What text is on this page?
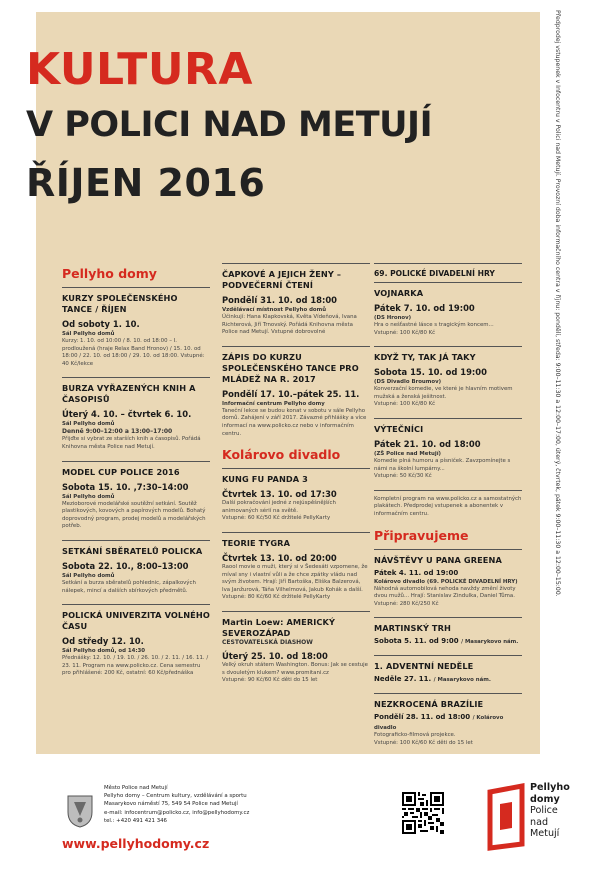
KULTURA
V POLICI NAD METUJÍ
ŘÍJEN 2016
Pellyho domy
KURZY SPOLEČENSKÉHO TANCE / ŘÍJEN
Od soboty 1. 10.
Sál Pellyho domů
Kurzy: 1. 10. od 10:00 / 8. 10. od 18:00 – I. prodloužená (hraje Relax Band Hronov) / 15. 10. od 18:00 / 22. 10. od 18:00 / 29. 10. od 18:00. Vstupné: 40 Kč/lekce
BURZA VYŘAZENÝCH KNIH A ČASOPISŮ
Úterý 4. 10. – čtvrtek 6. 10.
Sál Pellyho domů
Denně 9:00–12:00 a 13:00–17:00
Přijďte si vybrat ze starších knih a časopisů. Pořádá Knihovna města Police nad Metují.
MODEL CUP POLICE 2016
Sobota 15. 10. ,7:30–14:00
Sál Pellyho domů
Mezioborové modelářské soutěžní setkání. Soutěž plastikových, kovových a papírových modelů. Bohatý doprovodný program, prodej modelů a modelářských potřeb.
SETKÁNÍ SBĚRATELŮ POLICKA
Sobota 22. 10., 8:00–13:00
Sál Pellyho domů
Setkání a burza sběratelů pohlednic, zápalkových nálepek, mincí a dalších sbírkových předmětů.
POLICKÁ UNIVERZITA VOLNÉHO ČASU
Od středy 12. 10.
Sál Pellyho domů, od 14:30
Přednášky: 12. 10. / 19. 10. / 26. 10. / 2. 11. / 16. 11. / 23. 11. Program na www.policko.cz. Cena semestru pro přihlášené: 200 Kč, ostatní: 60 Kč/přednáška
ČAPKOVÉ A JEJICH ŽENY – PODVEČERNÍ ČTENÍ
Pondělí 31. 10. od 18:00
Vzdělávací místnost Pellyho domů
Účinkují: Hana Klapkovská, Květa Vídeňová, Ivana Richterová, Jiří Trnovský. Pořádá Knihovna města Police nad Metují. Vstupné dobrovolné
ZÁPIS DO KURZU SPOLEČENSKÉHO TANCE PRO MLÁDEŽ NA R. 2017
Pondělí 17. 10.–pátek 25. 11.
Informační centrum Pellyho domy
Taneční lekce se budou konat v sobotu v sále Pellyho domů. Zahájení v září 2017. Závazné přihlášky a více informací na www.policko.cz nebo v informačním centru.
Kolárovo divadlo
KUNG FU PANDA 3
Čtvrtek 13. 10. od 17:30
Další pokračování jedné z nejúspěšnějších animovaných sérií na světě.
Vstupné: 60 Kč/50 Kč držitelé PellyKarty
TEORIE TYGRA
Čtvrtek 13. 10. od 20:00
Raool movie o muži, který si v Šedesáti vzpomene, že míval sny i vlastní vůli a že chce zpátky vládu nad svým životem. Hrají: Jiří Bartoška, Eliška Balzerová, Iva Janžurová, Táňa Vilhelmová, Jakub Kohák a další.
Vstupné: 80 Kč/60 Kč držitelé PellyKarty
Martin Loew: AMERICKÝ SEVEROZÁPAD
CESTOVATELSKÁ DIASHOW
Úterý 25. 10. od 18:00
Velký okruh státem Washington. Bonus: Jak se cestuje s dvouletým klukem? www.promitani.cz
Vstupné: 90 Kč/60 Kč děti do 15 let
69. POLICKÉ DIVADELNÍ HRY
VOJNARKA
Pátek 7. 10. od 19:00
(DS Hronov)
Hra o nešťastné lásce s tragickým koncem...
Vstupné: 100 Kč/80 Kč
KDYŽ TY, TAK JÁ TAKY
Sobota 15. 10. od 19:00
(DS Divadlo Broumov)
Konverzační komedie, ve které je hlavním motivem mužská a ženská ješitnost.
Vstupné: 100 Kč/80 Kč
VÝTEČNÍCI
Pátek 21. 10. od 18:00
(ZŠ Police nad Metují)
Komedie plná humoru a písniček. Zavzpomínejte s námi na školní lumpárny...
Vstupné: 50 Kč/30 Kč
Kompletní program na www.policko.cz a samostatných plakátech. Předprodej vstupenek a abonentek v informačním centru.
Připravujeme
NÁVŠTĚVY U PANA GREENA
Pátek 4. 11. od 19:00
Kolárovo divadlo (69. POLICKÉ DIVADELNÍ HRY)
Náhodná automobilová nehoda navždy změní životy dvou mužů... Hrají: Stanislav Zindulka, Daniel Tůma.
Vstupné: 280 Kč/250 Kč
MARTINSKÝ TRH
Sobota 5. 11. od 9:00 / Masarykovo nám.
1. ADVENTNÍ NEDĚLE
Neděle 27. 11. / Masarykovo nám.
NEZKROCENÁ BRAZÍLIE
Pondělí 28. 11. od 18:00 / Kolárovo divadlo
Fotograficko-filmová projekce.
Vstupné: 100 Kč/60 Kč děti do 15 let
Předprodej vstupenek v Infocentru v Polici nad Metují. Provozní doba informačního centra v říjnu: pondělí, středa: 9:00–11:30 a 12:00–17:00, úterý, čtvrtek, pátek 9:00–11:30 a 12:00–15:00.
Město Police nad Metují
Pellyho domy – Centrum kultury, vzdělávání a sportu
Masarykovo náměstí 75, 549 54 Police nad Metují
e-mail: infocentrum@policko.cz, info@pellyhodomy.cz
tel.: +420 491 421 346
www.pellyhodomy.cz
Pellyho
domy
Police
nad
Metují
